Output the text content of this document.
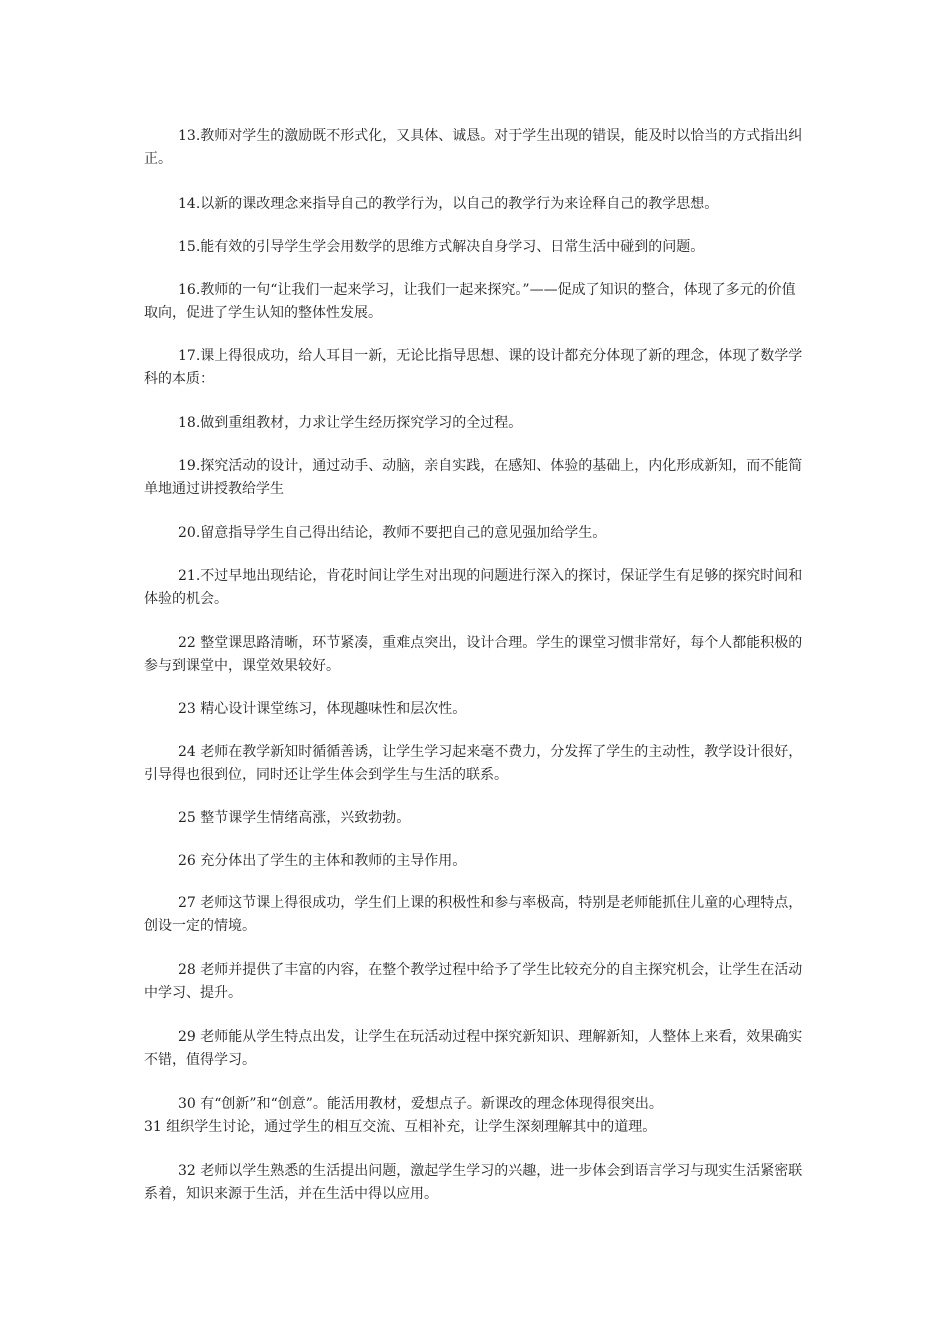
13.教师对学生的激励既不形式化，又具体、诚恳。对于学生出现的错误，能及时以恰当的方式指出纠正。

14.以新的课改理念来指导自己的教学行为，以自己的教学行为来诠释自己的教学思想。

15.能有效的引导学生学会用数学的思维方式解决自身学习、日常生活中碰到的问题。

16.教师的一句“让我们一起来学习，让我们一起来探究。”——促成了知识的整合，体现了多元的价值取向，促进了学生认知的整体性发展。

17.课上得很成功，给人耳目一新，无论比指导思想、课的设计都充分体现了新的理念，体现了数学学科的本质：

18.做到重组教材，力求让学生经历探究学习的全过程。

19.探究活动的设计，通过动手、动脑，亲自实践，在感知、体验的基础上，内化形成新知，而不能简单地通过讲授教给学生

20.留意指导学生自己得出结论，教师不要把自己的意见强加给学生。

21.不过早地出现结论，肯花时间让学生对出现的问题进行深入的探讨，保证学生有足够的探究时间和体验的机会。

22 整堂课思路清晰，环节紧凑，重难点突出，设计合理。学生的课堂习惯非常好，每个人都能积极的参与到课堂中，课堂效果较好。

23 精心设计课堂练习，体现趣味性和层次性。

24 老师在教学新知时循循善诱，让学生学习起来毫不费力，分发挥了学生的主动性，教学设计很好，引导得也很到位，同时还让学生体会到学生与生活的联系。

25 整节课学生情绪高涨，兴致勃勃。

26 充分体出了学生的主体和教师的主导作用。

27 老师这节课上得很成功，学生们上课的积极性和参与率极高，特别是老师能抓住儿童的心理特点，创设一定的情境。

28 老师并提供了丰富的内容，在整个教学过程中给予了学生比较充分的自主探究机会，让学生在活动中学习、提升。

29 老师能从学生特点出发，让学生在玩活动过程中探究新知识、理解新知，人整体上来看，效果确实不错，值得学习。

30 有“创新”和“创意”。能活用教材，爱想点子。新课改的理念体现得很突出。

31 组织学生讨论，通过学生的相互交流、互相补充，让学生深刻理解其中的道理。

32 老师以学生熟悉的生活提出问题，激起学生学习的兴趣，进一步体会到语言学习与现实生活紧密联系着，知识来源于生活，并在生活中得以应用。
